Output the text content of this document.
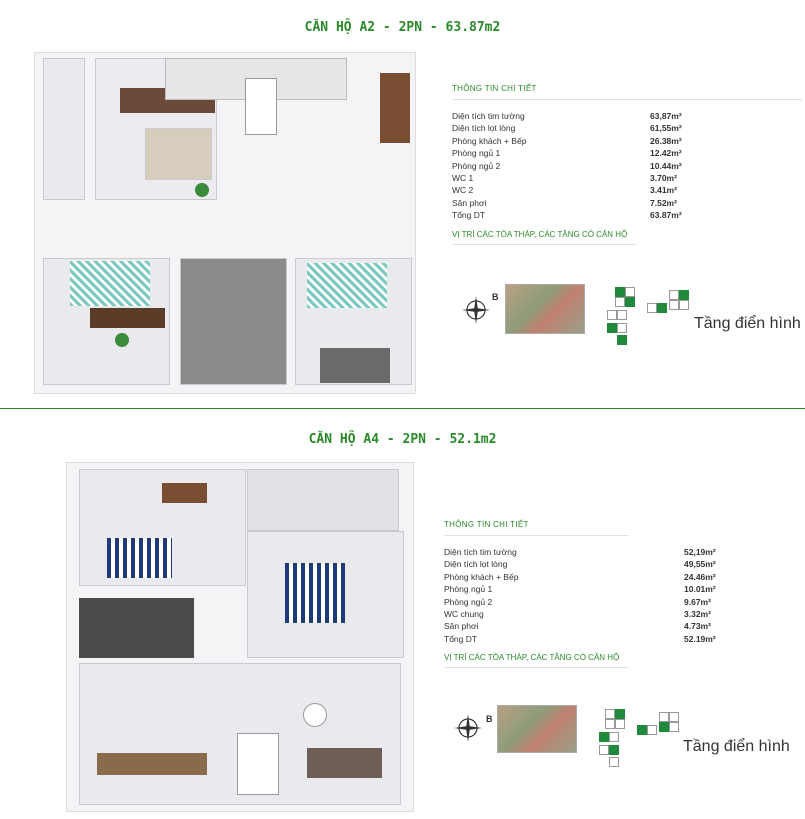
CĂN HỘ A2 - 2PN - 63.87m2
THÔNG TIN CHI TIẾT
Diện tích tim tường	63,87m²
Diện tích lọt lòng	61,55m²
Phòng khách + Bếp	26.38m²
Phòng ngủ 1	12.42m²
Phòng ngủ 2	10.44m²
WC 1	3.70m²
WC 2	3.41m²
Sân phơi	7.52m²
Tổng DT	63.87m²
VỊ TRÍ CÁC TÒA THÁP, CÁC TẦNG CÓ CĂN HỘ
B
Tầng điển hình
CĂN HỘ A4 - 2PN - 52.1m2
THÔNG TIN CHI TIẾT
Diện tích tim tường	52,19m²
Diện tích lọt lòng	49,55m²
Phòng khách + Bếp	24.46m²
Phòng ngủ 1	10.01m²
Phòng ngủ 2	9.67m²
WC chung	3.32m²
Sân phơi	4.73m²
Tổng DT	52.19m²
VỊ TRÍ CÁC TÒA THÁP, CÁC TẦNG CÓ CĂN HỘ
B
Tầng điển hình
